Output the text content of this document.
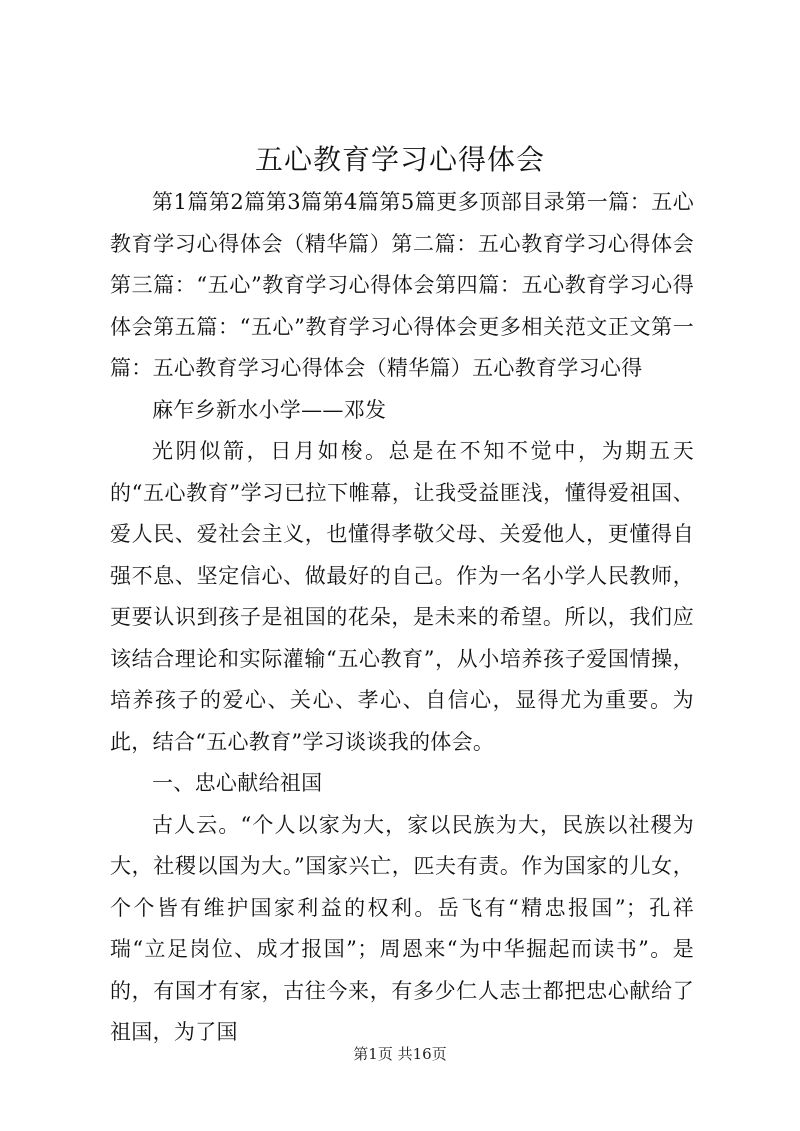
五心教育学习心得体会

第1篇第2篇第3篇第4篇第5篇更多顶部目录第一篇：五心教育学习心得体会（精华篇）第二篇：五心教育学习心得体会第三篇：“五心”教育学习心得体会第四篇：五心教育学习心得体会第五篇：“五心”教育学习心得体会更多相关范文正文第一篇：五心教育学习心得体会（精华篇）五心教育学习心得

麻乍乡新水小学——邓发

光阴似箭，日月如梭。总是在不知不觉中，为期五天的“五心教育”学习已拉下帷幕，让我受益匪浅，懂得爱祖国、爱人民、爱社会主义，也懂得孝敬父母、关爱他人，更懂得自强不息、坚定信心、做最好的自己。作为一名小学人民教师，更要认识到孩子是祖国的花朵，是未来的希望。所以，我们应该结合理论和实际灌输“五心教育”，从小培养孩子爱国情操，培养孩子的爱心、关心、孝心、自信心，显得尤为重要。为此，结合“五心教育”学习谈谈我的体会。

一、忠心献给祖国

古人云。“个人以家为大，家以民族为大，民族以社稷为大，社稷以国为大。”国家兴亡，匹夫有责。作为国家的儿女，个个皆有维护国家利益的权利。岳飞有“精忠报国”；孔祥瑞“立足岗位、成才报国”；周恩来“为中华掘起而读书”。是的，有国才有家，古往今来，有多少仁人志士都把忠心献给了祖国，为了国

第1页 共16页
